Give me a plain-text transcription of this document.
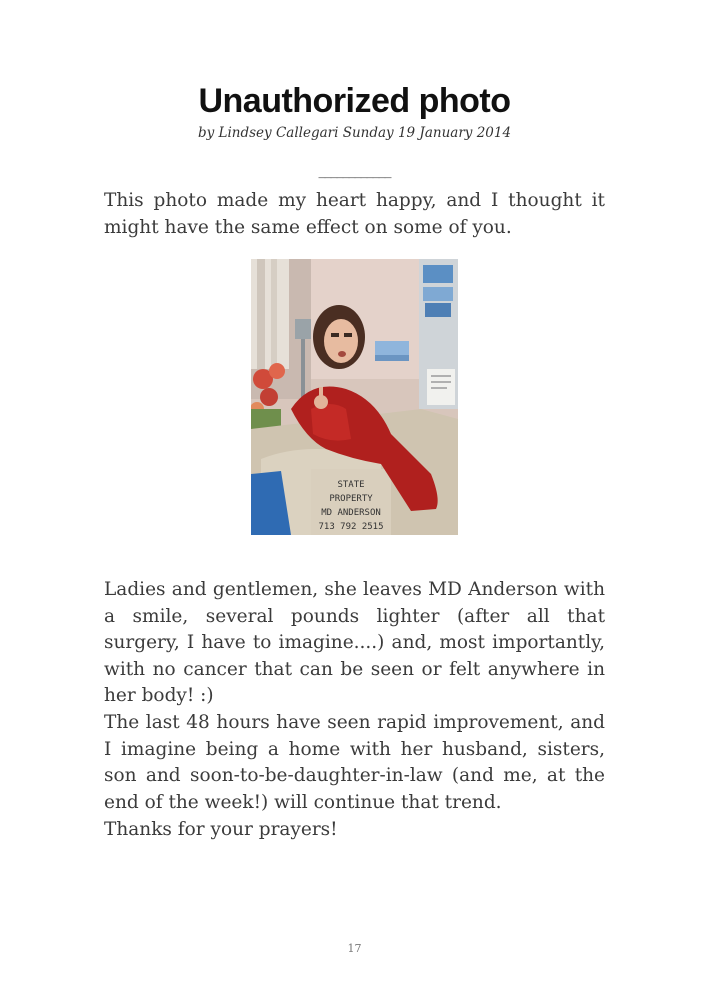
Unauthorized photo
by Lindsey Callegari Sunday 19 January 2014
____________

This photo made my heart happy, and I thought it might have the same effect on some of you.

STATE
PROPERTY
MD ANDERSON
713 792 2515

Ladies and gentlemen, she leaves MD Anderson with a smile, several pounds lighter (after all that surgery, I have to imagine....) and, most importantly, with no cancer that can be seen or felt anywhere in her body! :)

The last 48 hours have seen rapid improvement, and I imagine being a home with her husband, sisters, son and soon-to-be-daughter-in-law (and me, at the end of the week!) will continue that trend.

Thanks for your prayers!

17
